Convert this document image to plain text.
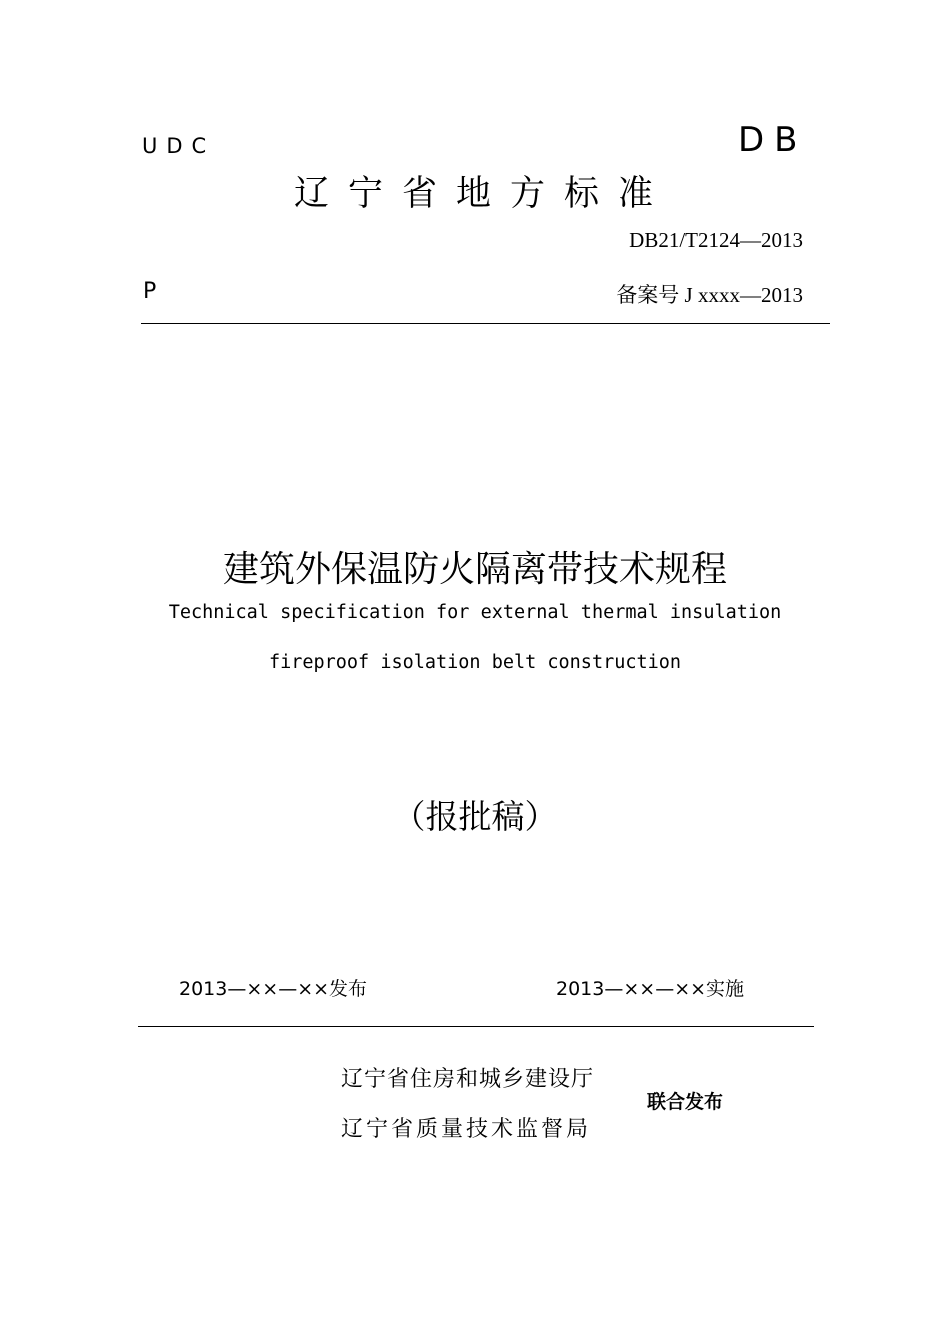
UDC	DB
辽宁省地方标准
DB21/T2124—2013
P	备案号 J xxxx—2013
建筑外保温防火隔离带技术规程
Technical specification for external thermal insulation
fireproof isolation belt construction
（报批稿）
2013—××—××发布	2013—××—××实施
辽宁省住房和城乡建设厅
辽宁省质量技术监督局
联合发布
